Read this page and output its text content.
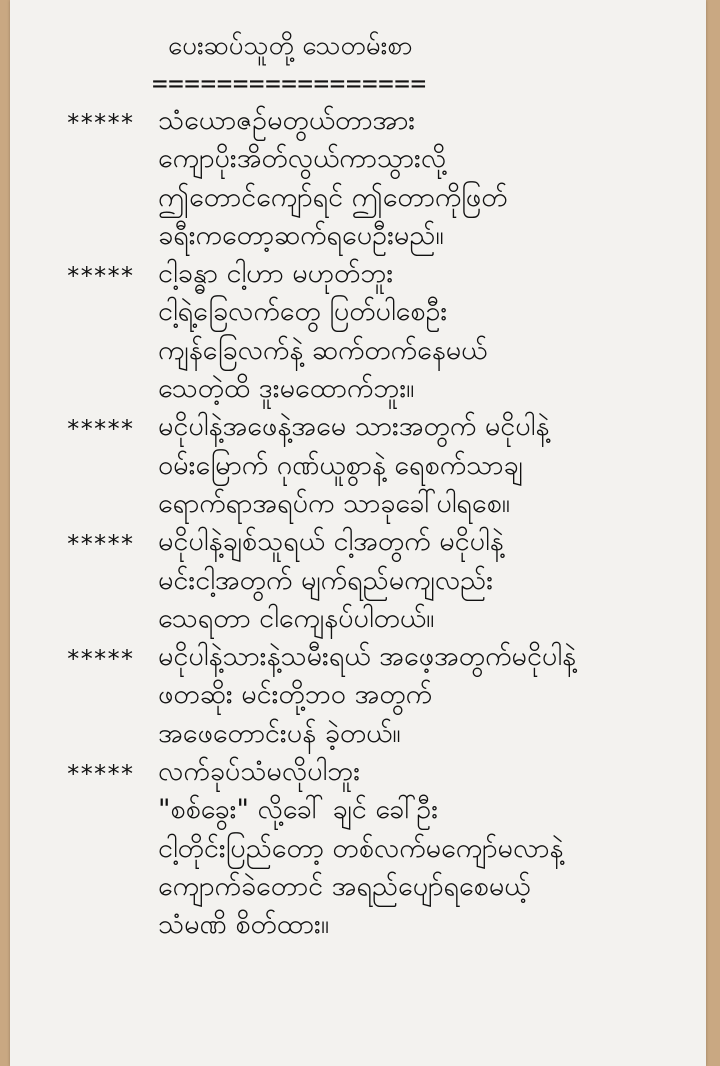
ပေးဆပ်သူတို့ သေတမ်းစာ
=================
***** သံယောဇဉ်မတွယ်တာအား
ကျောပိုးအိတ်လွယ်ကာသွားလို့
ဤတောင်ကျော်ရင် ဤတောကိုဖြတ်
ခရီးကတော့ဆက်ရပေဦးမည်။
***** ငါ့ခန္ဓာ ငါ့ဟာ မဟုတ်ဘူး
ငါ့ရဲ့ခြေလက်တွေ ပြတ်ပါစေဦး
ကျန်ခြေလက်နဲ့ ဆက်တက်နေမယ်
သေတဲ့ထိ ဒူးမထောက်ဘူး။
***** မငိုပါနဲ့အဖေနဲ့အမေ သားအတွက် မငိုပါနဲ့
ဝမ်းမြောက် ဂုဏ်ယူစွာနဲ့ ရေစက်သာချ
ရောက်ရာအရပ်က သာခုခေါ်ပါရစေ။
***** မငိုပါနဲ့ချစ်သူရယ် ငါ့အတွက် မငိုပါနဲ့
မင်းငါ့အတွက် မျက်ရည်မကျလည်း
သေရတာ ငါကျေနပ်ပါတယ်။
***** မငိုပါနဲ့သားနဲ့သမီးရယ် အဖေ့အတွက်မငိုပါနဲ့
ဖတဆိုး မင်းတို့ဘဝ အတွက်
အဖေတောင်းပန် ခဲ့တယ်။
***** လက်ခုပ်သံမလိုပါဘူး
"စစ်ခွေး" လို့ခေါ် ချင် ခေါ်ဦး
ငါ့တိုင်းပြည်တော့ တစ်လက်မကျော်မလာနဲ့
ကျောက်ခဲတောင် အရည်ပျော်ရစေမယ့်
သံမဏိ စိတ်ထား။
